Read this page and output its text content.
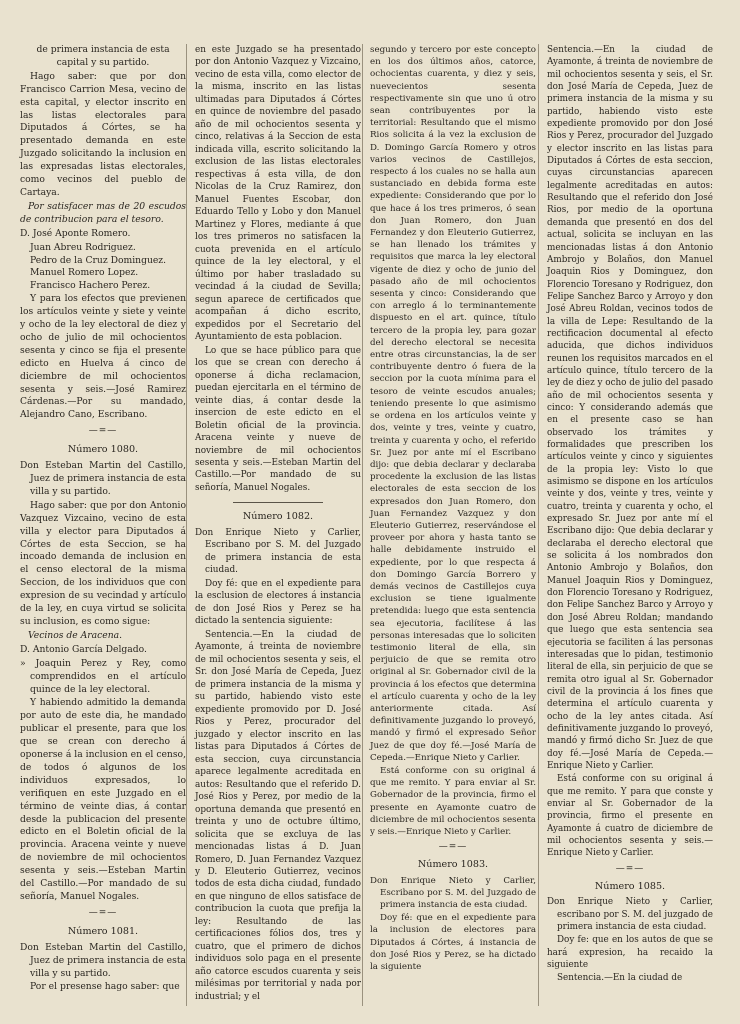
de primera instancia de esta capital y su partido.

Hago saber: que por don Francisco Carrion Mesa, vecino de esta capital, y elector inscrito en las listas electorales para Diputados á Córtes, se ha presentado demanda en este Juzgado solicitando la inclusion en las expresadas listas electorales, como vecinos del pueblo de Cartaya.

Por satisfacer mas de 20 escudos de contribucion para el tesoro.

D. José Aponte Romero.

Juan Abreu Rodriguez.

Pedro de la Cruz Dominguez.

Manuel Romero Lopez.

Francisco Hachero Perez.

Y para los efectos que previenen los artículos veinte y siete y veinte y ocho de la ley electoral de diez y ocho de julio de mil ochocientos sesenta y cinco se fija el presente edicto en Huelva á cinco de diciembre de mil ochocientos sesenta y seis.—José Ramirez Cárdenas.—Por su mandado, Alejandro Cano, Escribano.

—=—
Número 1080.

Don Esteban Martin del Castillo, Juez de primera instancia de esta villa y su partido.

Hago saber: que por don Antonio Vazquez Vizcaino, vecino de esta villa y elector para Diputados á Córtes de esta Seccion, se ha incoado demanda de inclusion en el censo electoral de la misma Seccion, de los individuos que con expresion de su vecindad y artículo de la ley, en cuya virtud se solicita su inclusion, es como sigue:

Vecinos de Aracena.

D. Antonio García Delgado.

» Joaquin Perez y Rey, como comprendidos en el artículo quince de la ley electoral.

Y habiendo admitido la demanda por auto de este dia, he mandado publicar el presente, para que los que se crean con derecho á oponerse á la inclusion en el censo, de todos ó algunos de los individuos expresados, lo verifiquen en este Juzgado en el término de veinte dias, á contar desde la publicacion del presente edicto en el Boletin oficial de la provincia. Aracena veinte y nueve de noviembre de mil ochocientos sesenta y seis.—Esteban Martin del Castillo.—Por mandado de su señoría, Manuel Nogales.

—=—
Número 1081.

Don Esteban Martin del Castillo, Juez de primera instancia de esta villa y su partido.

Por el presense hago saber: que

en este Juzgado se ha presentado por don Antonio Vazquez y Vizcaino, vecino de esta villa, como elector de la misma, inscrito en las listas ultimadas para Diputados á Córtes en quince de noviembre del pasado año de mil ochocientos sesenta y cinco, relativas á la Seccion de esta indicada villa, escrito solicitando la exclusion de las listas electorales respectivas á esta villa, de don Nicolas de la Cruz Ramirez, don Manuel Fuentes Escobar, don Eduardo Tello y Lobo y don Manuel Martinez y Flores, mediante á que los tres primeros no satisfacen la cuota prevenida en el artículo quince de la ley electoral, y el último por haber trasladado su vecindad á la ciudad de Sevilla; segun aparece de certificados que acompañan á dicho escrito, expedidos por el Secretario del Ayuntamiento de esta poblacion.

Lo que se hace público para que los que se crean con derecho á oponerse á dicha reclamacion, puedan ejercitarla en el término de veinte dias, á contar desde la insercion de este edicto en el Boletin oficial de la provincia. Aracena veinte y nueve de noviembre de mil ochocientos sesenta y seis.—Esteban Martin del Castillo.—Por mandado de su señoría, Manuel Nogales.

Número 1082.

Don Enrique Nieto y Carlier, Escribano por S. M. del Juzgado de primera instancia de esta ciudad.

Doy fé: que en el expediente para la esclusion de electores á instancia de don José Rios y Perez se ha dictado la sentencia siguiente:

Sentencia.—En la ciudad de Ayamonte, á treinta de noviembre de mil ochocientos sesenta y seis, el Sr. don José María de Cepeda, Juez de primera instancia de la misma y su partido, habiendo visto este expediente promovido por D. José Rios y Perez, procurador del juzgado y elector inscrito en las listas para Diputados á Córtes de esta seccion, cuya circunstancia aparece legalmente acreditada en autos: Resultando que el referido D. José Rios y Perez, por medio de la oportuna demanda que presentó en treinta y uno de octubre último, solicita que se excluya de las mencionadas listas á D. Juan Romero, D. Juan Fernandez Vazquez y D. Eleuterio Gutierrez, vecinos todos de esta dicha ciudad, fundado en que ninguno de ellos satisface de contribucion la cuota que prefija la ley: Resultando de las certificaciones fólios dos, tres y cuatro, que el primero de dichos individuos solo paga en el presente año catorce escudos cuarenta y seis milésimas por territorial y nada por industrial; y el

segundo y tercero por este concepto en los dos últimos años, catorce, ochocientas cuarenta, y diez y seis, nuevecientos sesenta respectivamente sin que uno ú otro sean contribuyentes por la territorial: Resultando que el mismo Rios solicita á la vez la exclusion de D. Domingo García Romero y otros varios vecinos de Castillejos, respecto á los cuales no se halla aun sustanciado en debida forma este expediente: Considerando que por lo que hace á los tres primeros, ó sean don Juan Romero, don Juan Fernandez y don Eleuterio Gutierrez, se han llenado los trámites y requisitos que marca la ley electoral vigente de diez y ocho de junio del pasado año de mil ochocientos sesenta y cinco: Considerando que con arreglo á lo terminantemente dispuesto en el art. quince, título tercero de la propia ley, para gozar del derecho electoral se necesita entre otras circunstancias, la de ser contribuyente dentro ó fuera de la seccion por la cuota mínima para el tesoro de veinte escudos anuales; teniendo presente lo que asimismo se ordena en los artículos veinte y dos, veinte y tres, veinte y cuatro, treinta y cuarenta y ocho, el referido Sr. Juez por ante mí el Escribano dijo: que debia declarar y declaraba procedente la exclusion de las listas electorales de esta seccion de los expresados don Juan Romero, don Juan Fernandez Vazquez y don Eleuterio Gutierrez, reservándose el proveer por ahora y hasta tanto se halle debidamente instruido el expediente, por lo que respecta á don Domingo García Borrero y demás vecinos de Castillejos cuya exclusion se tiene igualmente pretendida: luego que esta sentencia sea ejecutoria, facilítese á las personas interesadas que lo soliciten testimonio literal de ella, sin perjuicio de que se remita otro original al Sr. Gobernador civil de la provincia á los efectos que determina el artículo cuarenta y ocho de la ley anteriormente citada. Así definitivamente juzgando lo proveyó, mandó y firmó el expresado Señor Juez de que doy fé.—José María de Cepeda.—Enrique Nieto y Carlier.

Está conforme con su original á que me remito. Y para enviar al Sr. Gobernador de la provincia, firmo el presente en Ayamonte cuatro de diciembre de mil ochocientos sesenta y seis.—Enrique Nieto y Carlier.

—=—
Número 1083.

Don Enrique Nieto y Carlier, Escribano por S. M. del Juzgado de primera instancia de esta ciudad.

Doy fé: que en el expediente para la inclusion de electores para Diputados á Córtes, á instancia de don José Rios y Perez, se ha dictado la siguiente

Sentencia.—En la ciudad de Ayamonte, á treinta de noviembre de mil ochocientos sesenta y seis, el Sr. don José María de Cepeda, Juez de primera instancia de la misma y su partido, habiendo visto este expediente promovido por don José Rios y Perez, procurador del Juzgado y elector inscrito en las listas para Diputados á Córtes de esta seccion, cuyas circunstancias aparecen legalmente acreditadas en autos: Resultando que el referido don José Rios, por medio de la oportuna demanda que presentó en dos del actual, solicita se incluyan en las mencionadas listas á don Antonio Ambrojo y Bolaños, don Manuel Joaquin Rios y Dominguez, don Florencio Toresano y Rodriguez, don Felipe Sanchez Barco y Arroyo y don José Abreu Roldan, vecinos todos de la villa de Lepe: Resultando de la rectificacion documental al efecto aducida, que dichos individuos reunen los requisitos marcados en el artículo quince, título tercero de la ley de diez y ocho de julio del pasado año de mil ochocientos sesenta y cinco: Y considerando además que en el presente caso se han observado los trámites y formalidades que prescriben los artículos veinte y cinco y siguientes de la propia ley: Visto lo que asimismo se dispone en los artículos veinte y dos, veinte y tres, veinte y cuatro, treinta y cuarenta y ocho, el expresado Sr. Juez por ante mí el Escribano dijo: Que debia declarar y declaraba el derecho electoral que se solicita á los nombrados don Antonio Ambrojo y Bolaños, don Manuel Joaquin Rios y Dominguez, don Florencio Toresano y Rodriguez, don Felipe Sanchez Barco y Arroyo y don José Abreu Roldan; mandando que luego que esta sentencia sea ejecutoria se faciliten á las personas interesadas que lo pidan, testimonio literal de ella, sin perjuicio de que se remita otro igual al Sr. Gobernador civil de la provincia á los fines que determina el artículo cuarenta y ocho de la ley antes citada. Así definitivamente juzgando lo proveyó, mandó y firmó dicho Sr. Juez de que doy fé.—José María de Cepeda.—Enrique Nieto y Carlier.

Está conforme con su original á que me remito. Y para que conste y enviar al Sr. Gobernador de la provincia, firmo el presente en Ayamonte á cuatro de diciembre de mil ochocientos sesenta y seis.—Enrique Nieto y Carlier.

—=—
Número 1085.

Don Enrique Nieto y Carlier, escribano por S. M. del juzgado de primera instancia de esta ciudad.

Doy fe: que en los autos de que se hará expresion, ha recaido la siguiente

Sentencia.—En la ciudad de
